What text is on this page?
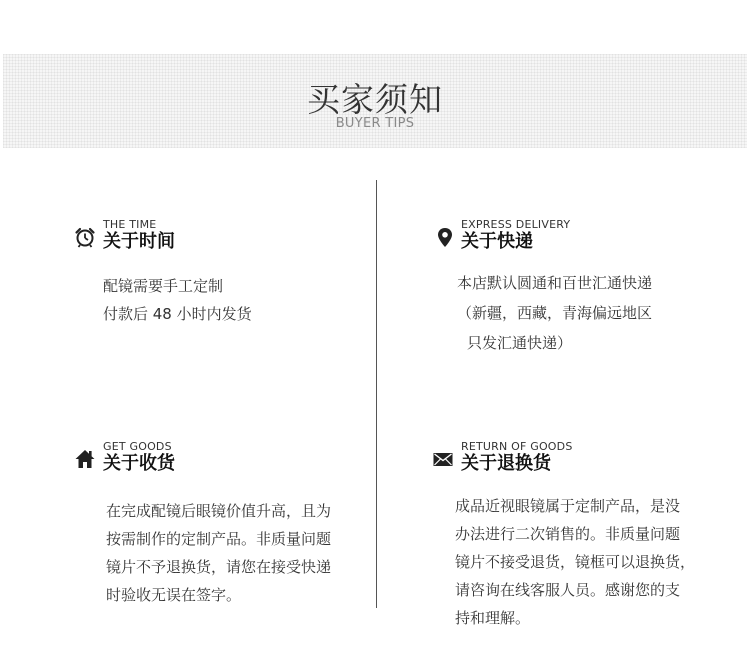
买家须知
BUYER TIPS
THE TIME
关于时间
配镜需要手工定制
付款后 48 小时内发货
EXPRESS DELIVERY
关于快递
本店默认圆通和百世汇通快递
（新疆，西藏，青海偏远地区
只发汇通快递）
GET GOODS
关于收货
在完成配镜后眼镜价值升高，且为
按需制作的定制产品。非质量问题
镜片不予退换货，请您在接受快递
时验收无误在签字。
RETURN OF GOODS
关于退换货
成品近视眼镜属于定制产品，是没
办法进行二次销售的。非质量问题
镜片不接受退货，镜框可以退换货，
请咨询在线客服人员。感谢您的支
持和理解。
